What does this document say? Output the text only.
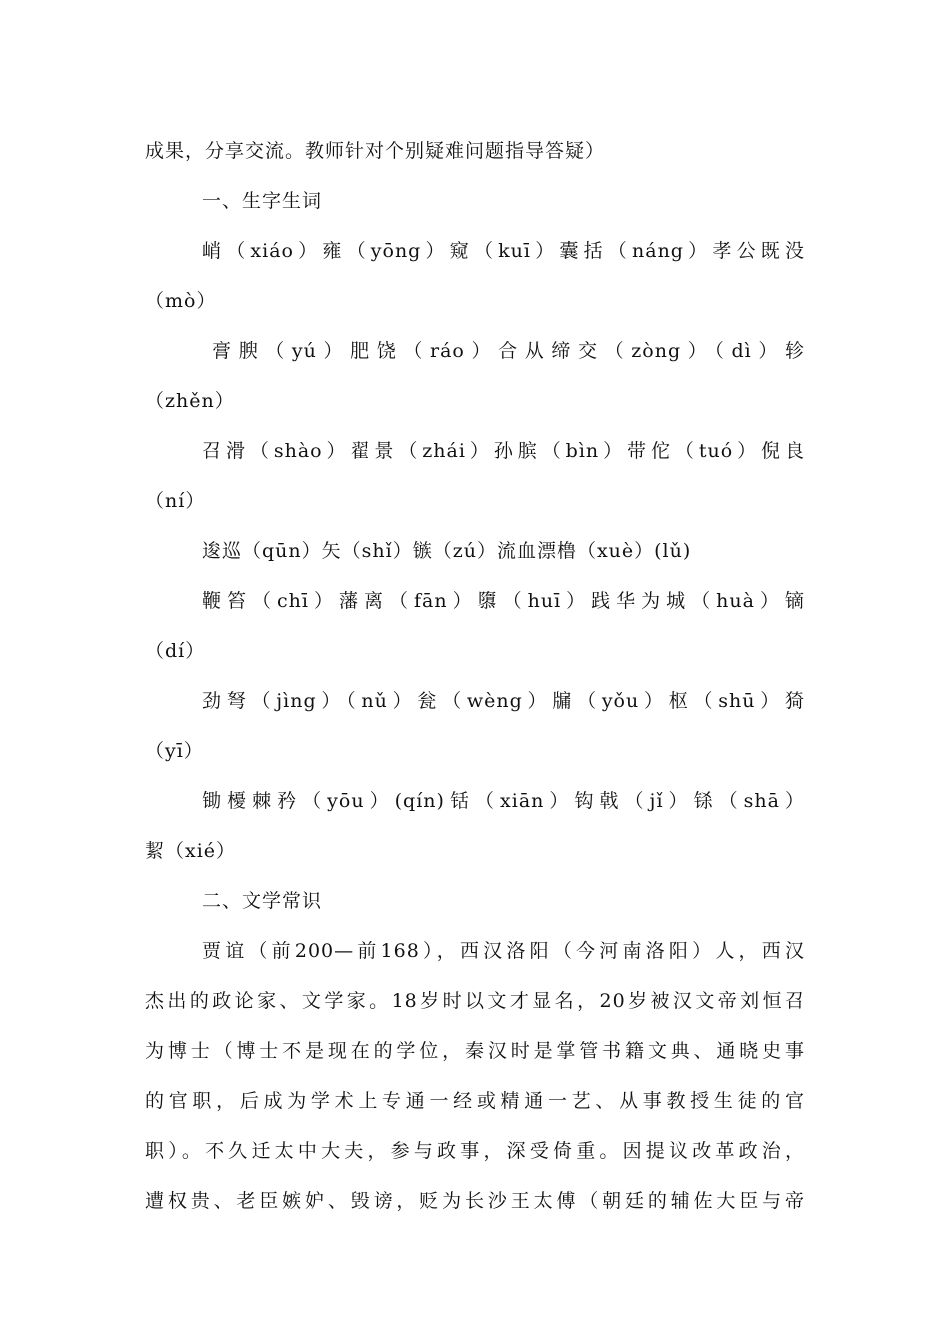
成果，分享交流。教师针对个别疑难问题指导答疑）
一、生字生词
峭（xiáo）雍（yōng）窥（kuī）囊括（náng）孝公既没
（mò）
膏腴（yú）肥饶（ráo）合从缔交（zòng）（dì）轸
（zhěn）
召滑（shào）翟景（zhái）孙膑（bìn）带佗（tuó）倪良
（ní）
逡巡（qūn）矢（shǐ）镞（zú）流血漂橹（xuè）(lǔ)
鞭笞（chī）藩离（fān）隳（huī）践华为城（huà）镝
（dí）
劲弩（jìng）（nǔ）瓮（wèng）牖（yǒu）枢（shū）猗
（yī）
锄櫌棘矜（yōu）(qín)铦（xiān）钩戟（jǐ）铩（shā）
絜（xié）
二、文学常识
贾谊（前200—前168），西汉洛阳（今河南洛阳）人，西汉
杰出的政论家、文学家。18岁时以文才显名，20岁被汉文帝刘恒召
为博士（博士不是现在的学位，秦汉时是掌管书籍文典、通晓史事
的官职，后成为学术上专通一经或精通一艺、从事教授生徒的官
职）。不久迁太中大夫，参与政事，深受倚重。因提议改革政治，
遭权贵、老臣嫉妒、毁谤，贬为长沙王太傅（朝廷的辅佐大臣与帝
